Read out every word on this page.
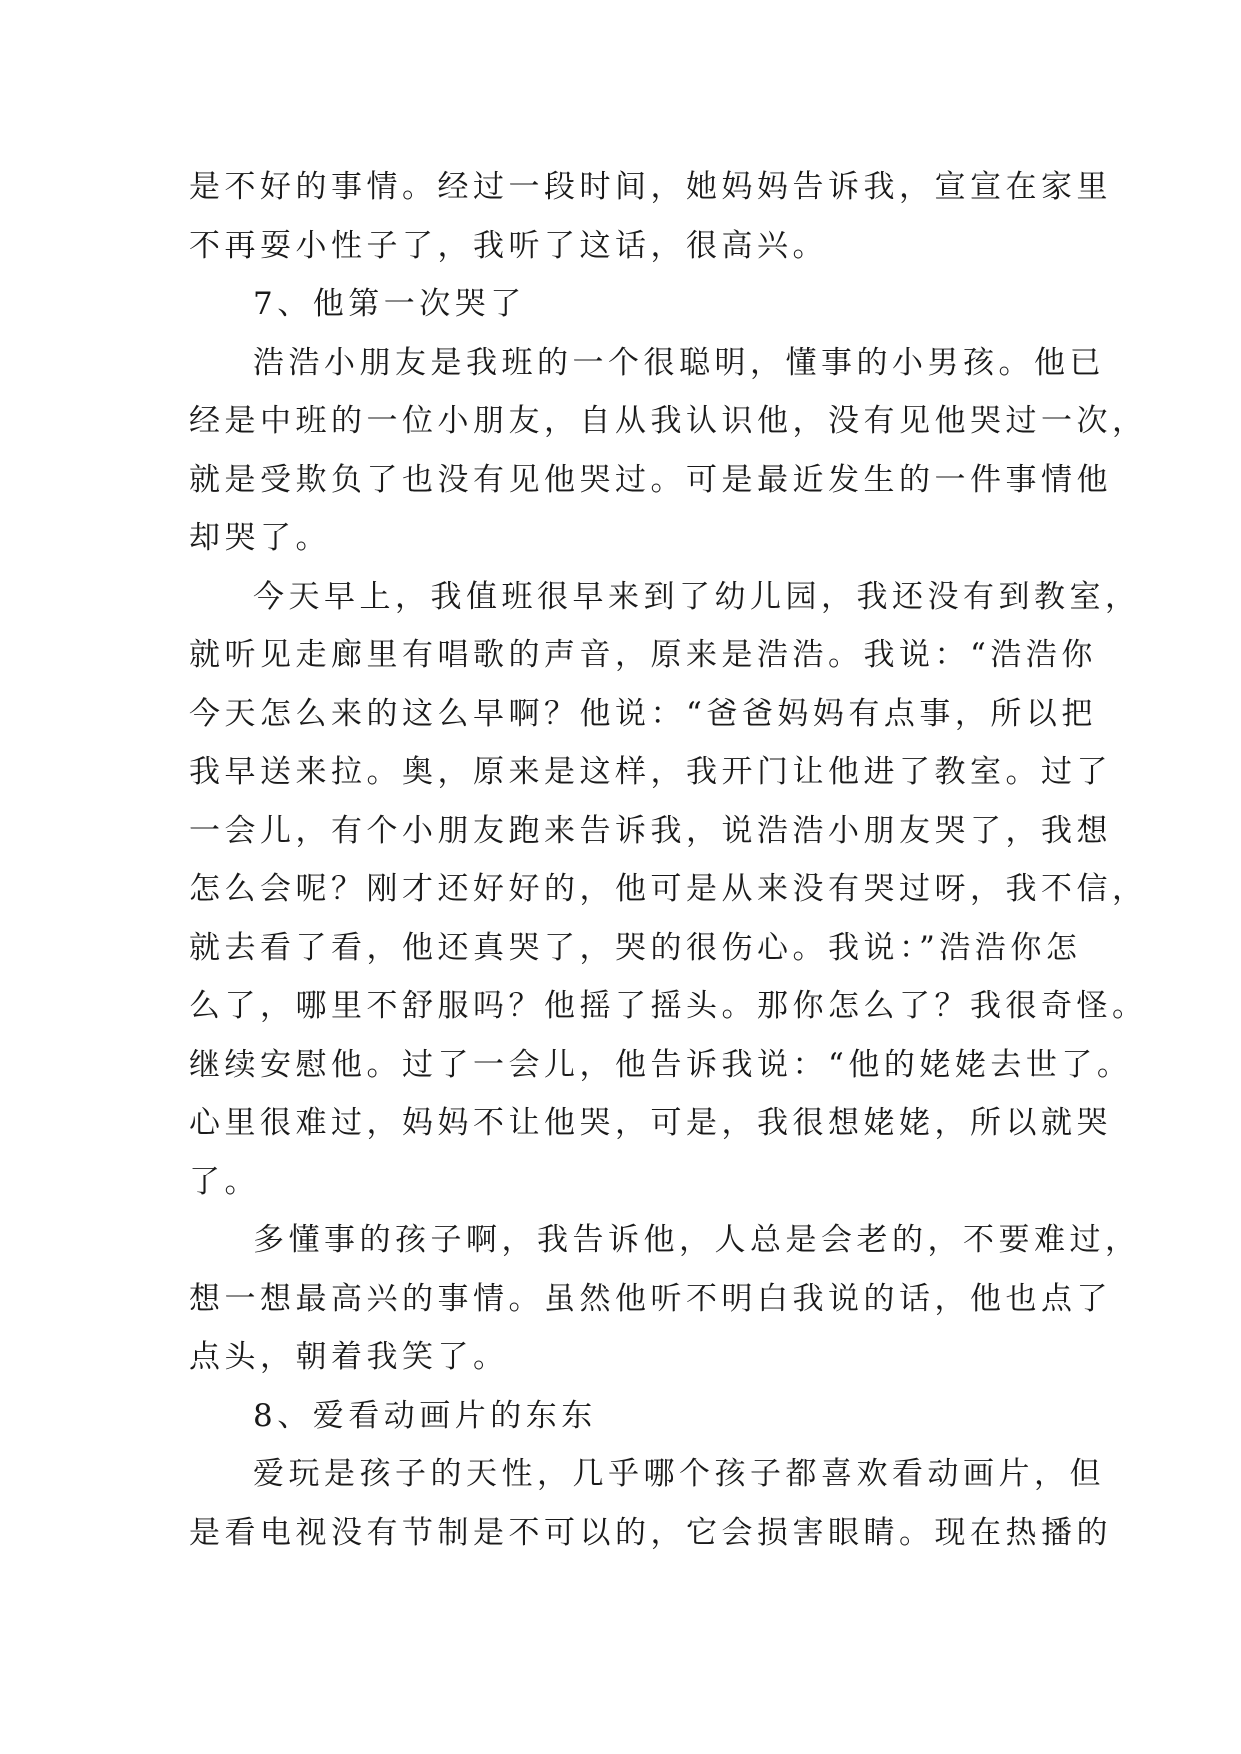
是不好的事情。经过一段时间，她妈妈告诉我，宣宣在家里
不再耍小性子了，我听了这话，很高兴。
7、他第一次哭了
浩浩小朋友是我班的一个很聪明，懂事的小男孩。他已
经是中班的一位小朋友，自从我认识他，没有见他哭过一次，
就是受欺负了也没有见他哭过。可是最近发生的一件事情他
却哭了。
今天早上，我值班很早来到了幼儿园，我还没有到教室，
就听见走廊里有唱歌的声音，原来是浩浩。我说：“浩浩你
今天怎么来的这么早啊？他说：“爸爸妈妈有点事，所以把
我早送来拉。奥，原来是这样，我开门让他进了教室。过了
一会儿，有个小朋友跑来告诉我，说浩浩小朋友哭了，我想
怎么会呢？刚才还好好的，他可是从来没有哭过呀，我不信，
就去看了看，他还真哭了，哭的很伤心。我说：”浩浩你怎
么了，哪里不舒服吗？他摇了摇头。那你怎么了？我很奇怪。
继续安慰他。过了一会儿，他告诉我说：“他的姥姥去世了。
心里很难过，妈妈不让他哭，可是，我很想姥姥，所以就哭
了。
多懂事的孩子啊，我告诉他，人总是会老的，不要难过，
想一想最高兴的事情。虽然他听不明白我说的话，他也点了
点头，朝着我笑了。
8、爱看动画片的东东
爱玩是孩子的天性，几乎哪个孩子都喜欢看动画片，但
是看电视没有节制是不可以的，它会损害眼睛。现在热播的
